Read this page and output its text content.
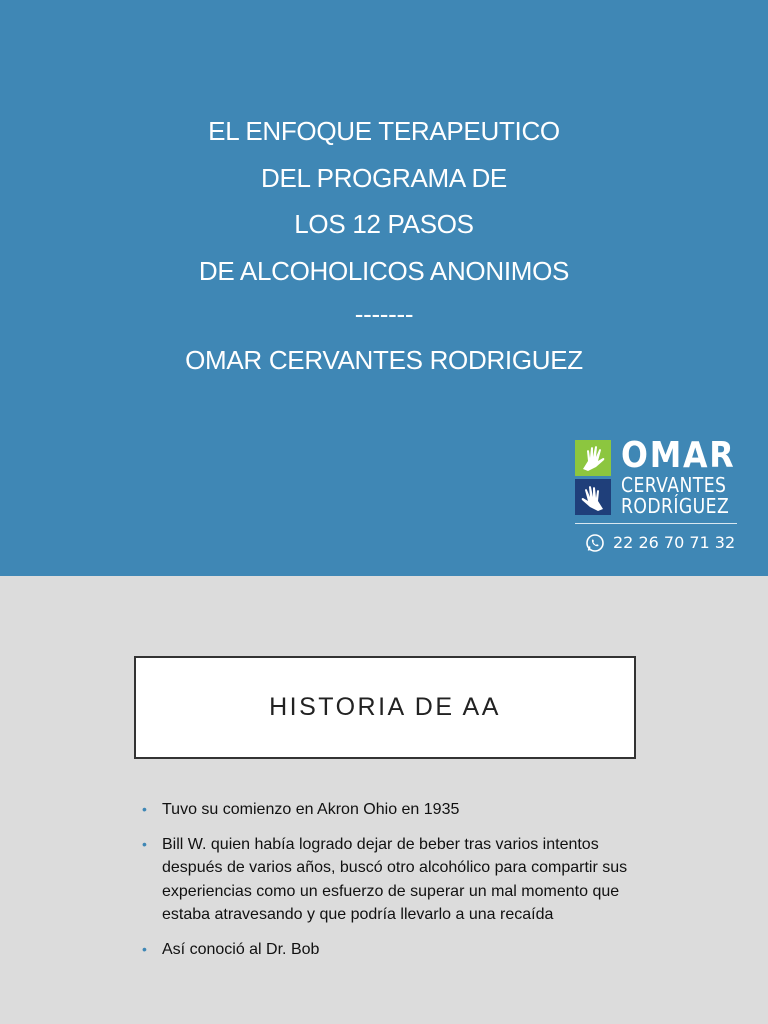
EL ENFOQUE TERAPEUTICO
DEL PROGRAMA DE
LOS 12 PASOS
DE ALCOHOLICOS ANONIMOS
-------
OMAR CERVANTES RODRIGUEZ
OMAR
CERVANTES
RODRÍGUEZ
22 26 70 71 32
HISTORIA DE AA
• Tuvo su comienzo en Akron Ohio en 1935
• Bill W. quien había logrado dejar de beber tras varios intentos después de varios años, buscó otro alcohólico para compartir sus experiencias como un esfuerzo de superar un mal momento que estaba atravesando y que podría llevarlo a una recaída
• Así conoció al Dr. Bob
